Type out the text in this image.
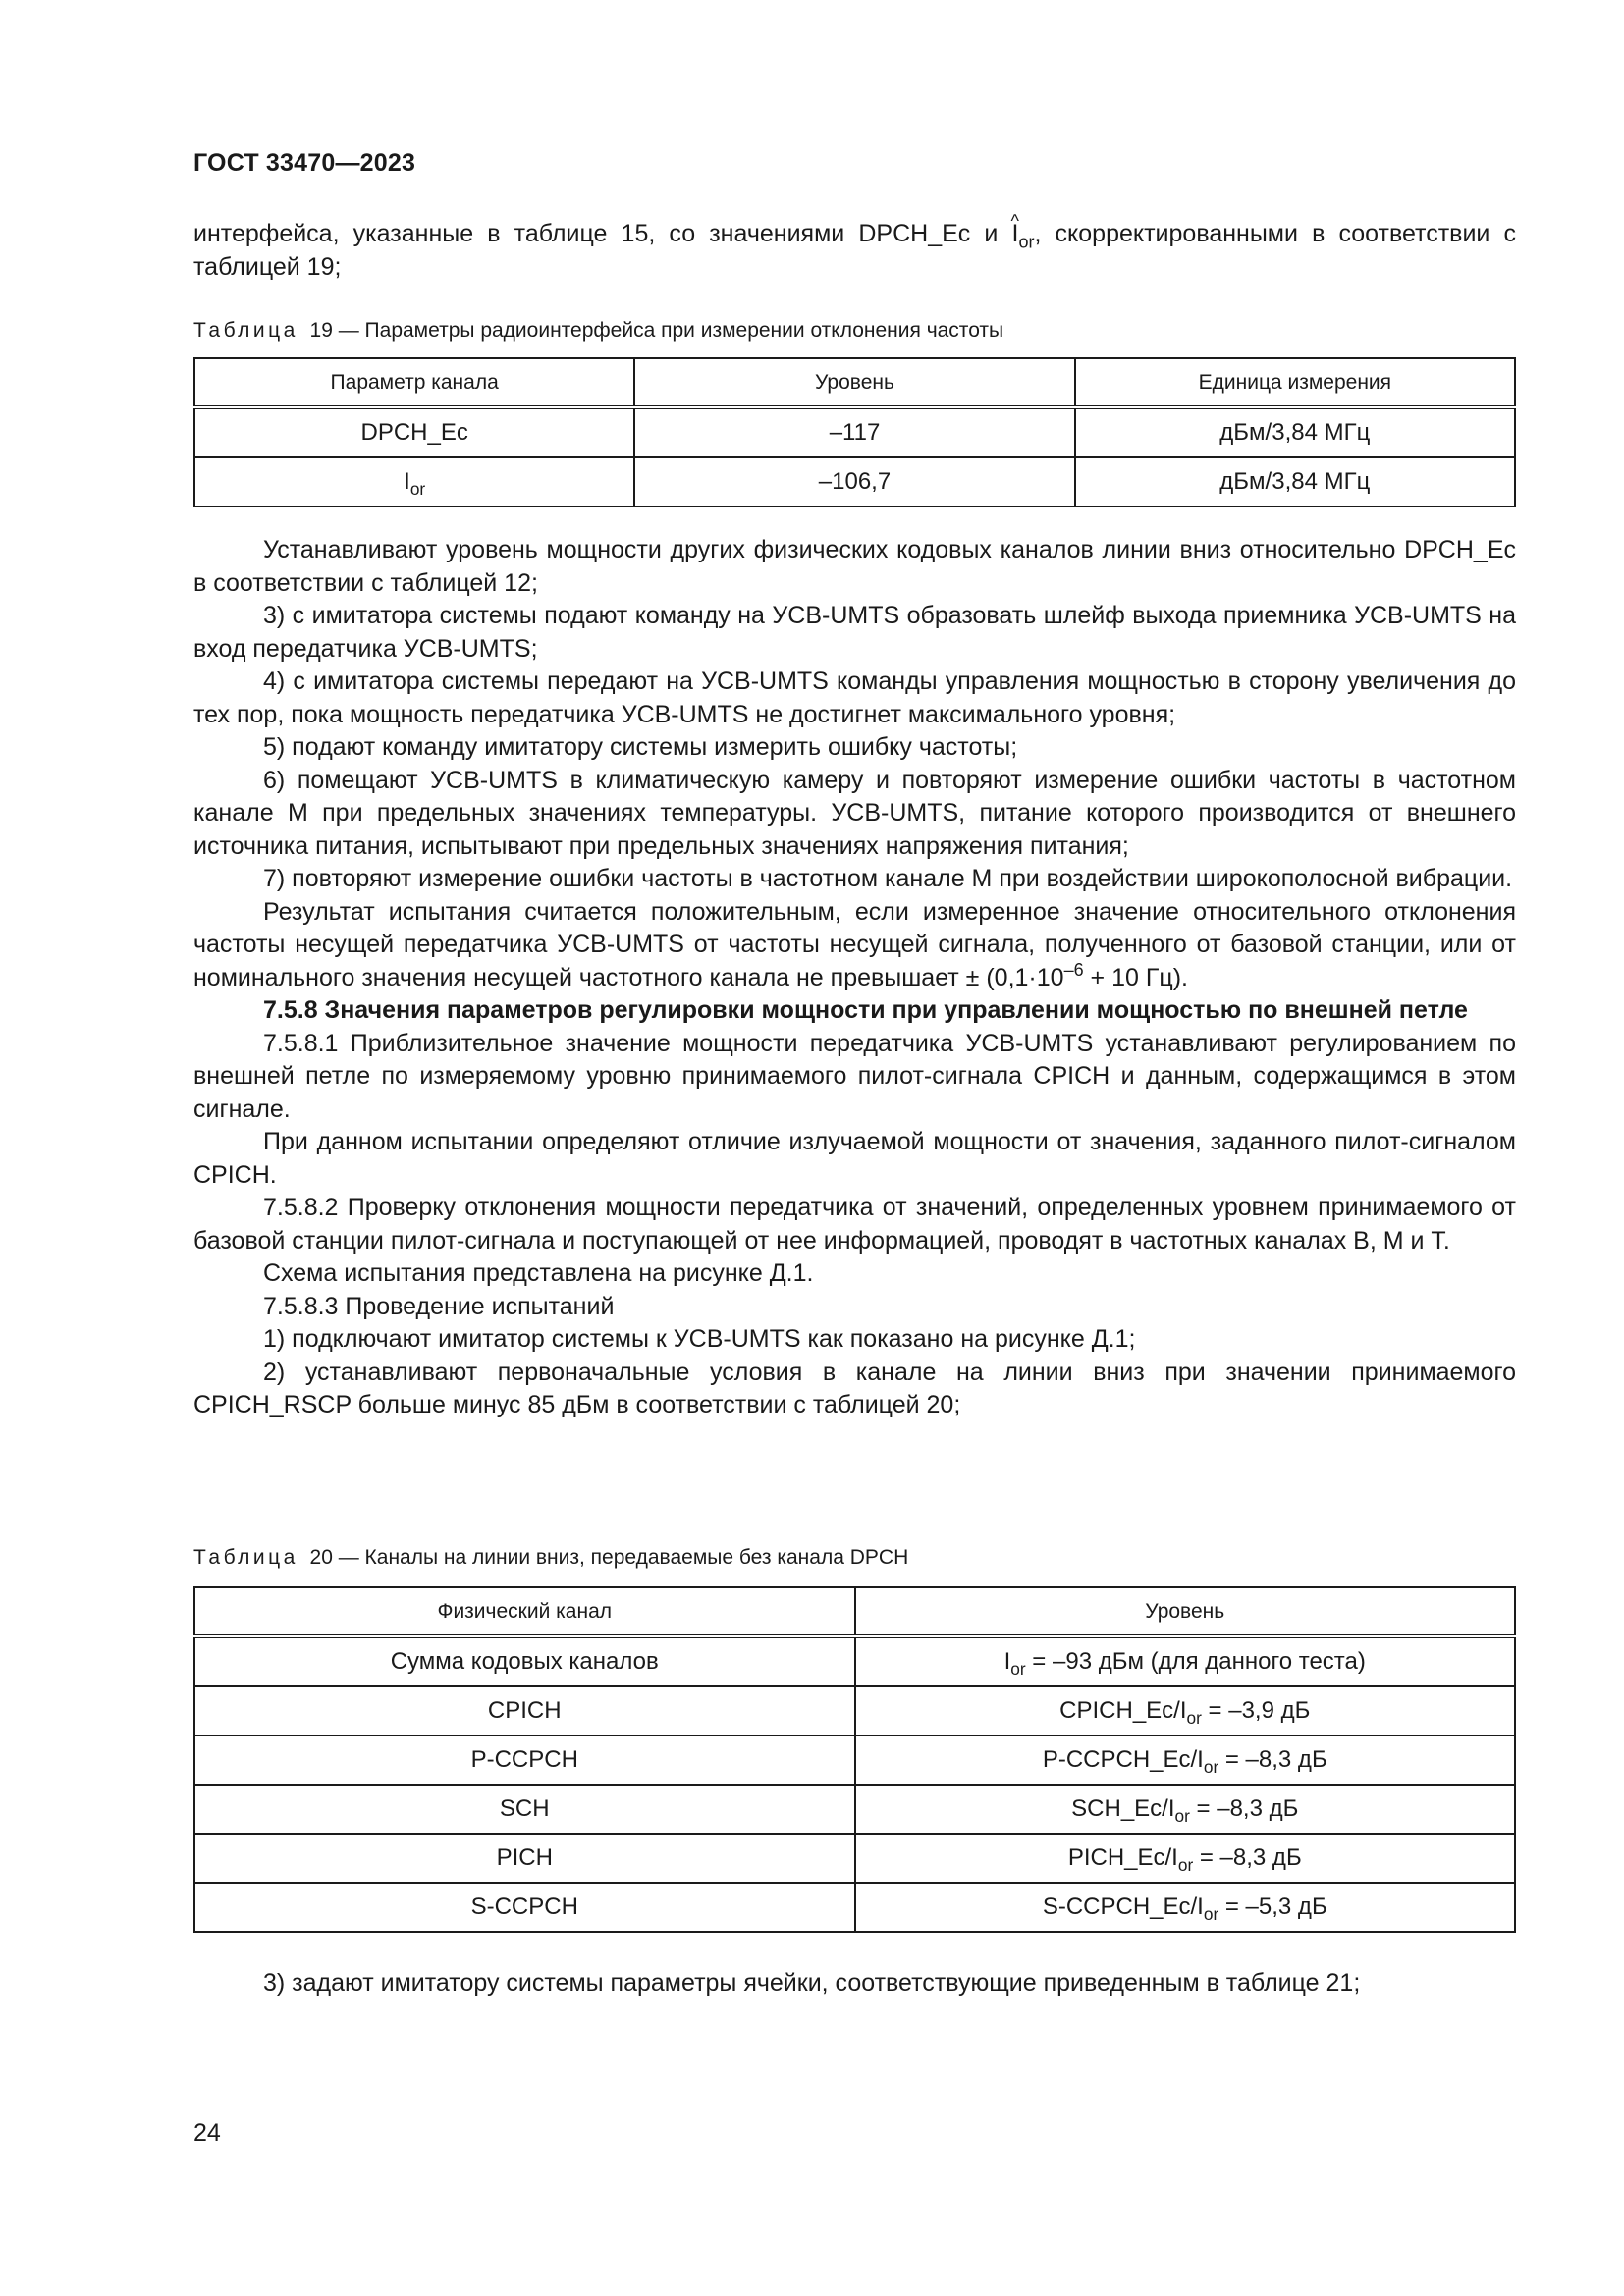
ГОСТ 33470—2023
интерфейса, указанные в таблице 15, со значениями DPCH_Ec и ^ $I_{or}$, скорректированными в соответствии с таблицей 19;
Таблица 19 — Параметры радиоинтерфейса при измерении отклонения частоты
Параметр канала	Уровень	Единица измерения
DPCH_Ec	–117	дБм/3,84 МГц
$I_{or}$	–106,7	дБм/3,84 МГц

Устанавливают уровень мощности других физических кодовых каналов линии вниз относительно DPCH_Ec в соответствии с таблицей 12;

3) с имитатора системы подают команду на УСВ-UMTS образовать шлейф выхода приемника УСВ-UMTS на вход передатчика УСВ-UMTS;

4) с имитатора системы передают на УСВ-UMTS команды управления мощностью в сторону увеличения до тех пор, пока мощность передатчика УСВ-UMTS не достигнет максимального уровня;

5) подают команду имитатору системы измерить ошибку частоты;

6) помещают УСВ-UMTS в климатическую камеру и повторяют измерение ошибки частоты в частотном канале М при предельных значениях температуры. УСВ-UMTS, питание которого производится от внешнего источника питания, испытывают при предельных значениях напряжения питания;

7) повторяют измерение ошибки частоты в частотном канале М при воздействии широкополосной вибрации.

Результат испытания считается положительным, если измеренное значение относительного отклонения частоты несущей передатчика УСВ-UMTS от частоты несущей сигнала, полученного от базовой станции, или от номинального значения несущей частотного канала не превышает ± ($0,1\cdot 10^{-6} + 10$ Гц).

7.5.8 Значения параметров регулировки мощности при управлении мощностью по внешней петле

7.5.8.1 Приблизительное значение мощности передатчика УСВ-UMTS устанавливают регулированием по внешней петле по измеряемому уровню принимаемого пилот-сигнала CPICH и данным, содержащимся в этом сигнале.

При данном испытании определяют отличие излучаемой мощности от значения, заданного пилот-сигналом CPICH.

7.5.8.2 Проверку отклонения мощности передатчика от значений, определенных уровнем принимаемого от базовой станции пилот-сигнала и поступающей от нее информацией, проводят в частотных каналах B, M и T.

Схема испытания представлена на рисунке Д.1.

7.5.8.3 Проведение испытаний

1) подключают имитатор системы к УСВ-UMTS как показано на рисунке Д.1;

2) устанавливают первоначальные условия в канале на линии вниз при значении принимаемого CPICH_RSCP больше минус 85 дБм в соответствии с таблицей 20;

Таблица 20 — Каналы на линии вниз, передаваемые без канала DPCH
Физический канал	Уровень
Сумма кодовых каналов	$I_{or} = -93$ дБм (для данного теста)
CPICH	$CPICH\_Ec/I_{or} = -3,9$ дБ
P-CCPCH	$P-CCPCH\_Ec/I_{or} = -8,3$ дБ
SCH	$SCH\_Ec/I_{or} = -8,3$ дБ
PICH	$PICH\_Ec/I_{or} = -8,3$ дБ
S-CCPCH	$S-CCPCH\_Ec/I_{or} = -5,3$ дБ
3) задают имитатору системы параметры ячейки, соответствующие приведенным в таблице 21;
24
